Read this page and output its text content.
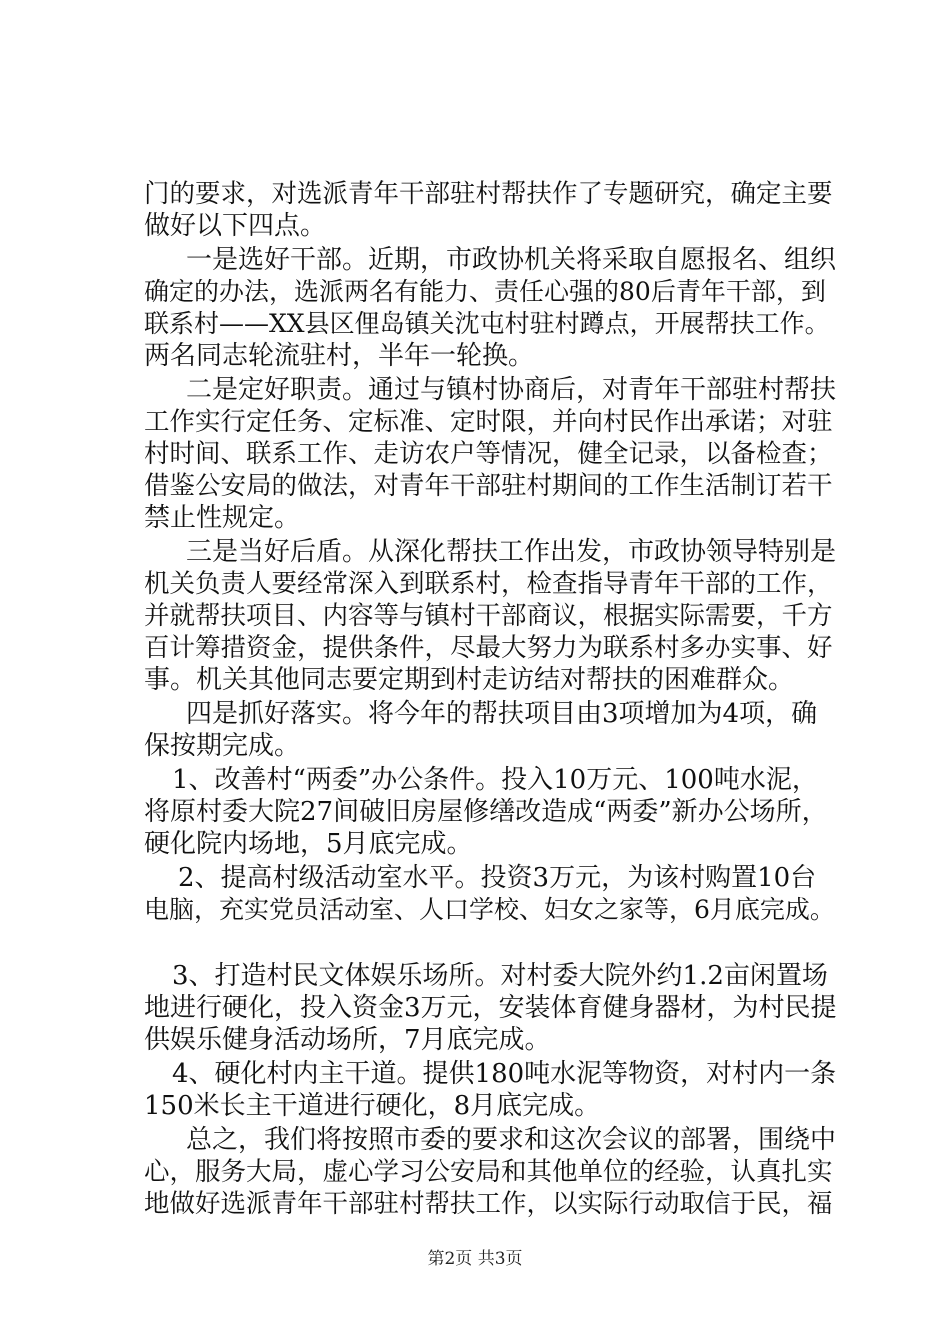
门的要求，对选派青年干部驻村帮扶作了专题研究，确定主要
做好以下四点。
一是选好干部。近期，市政协机关将采取自愿报名、组织
确定的办法，选派两名有能力、责任心强的80后青年干部，到
联系村——XX县区俚岛镇关沈屯村驻村蹲点，开展帮扶工作。
两名同志轮流驻村，半年一轮换。
二是定好职责。通过与镇村协商后，对青年干部驻村帮扶
工作实行定任务、定标准、定时限，并向村民作出承诺；对驻
村时间、联系工作、走访农户等情况，健全记录，以备检查；
借鉴公安局的做法，对青年干部驻村期间的工作生活制订若干
禁止性规定。
三是当好后盾。从深化帮扶工作出发，市政协领导特别是
机关负责人要经常深入到联系村，检查指导青年干部的工作，
并就帮扶项目、内容等与镇村干部商议，根据实际需要，千方
百计筹措资金，提供条件，尽最大努力为联系村多办实事、好
事。机关其他同志要定期到村走访结对帮扶的困难群众。
四是抓好落实。将今年的帮扶项目由3项增加为4项，确
保按期完成。
1、改善村“两委”办公条件。投入10万元、100吨水泥，
将原村委大院27间破旧房屋修缮改造成“两委”新办公场所，
硬化院内场地，5月底完成。
2、提高村级活动室水平。投资3万元，为该村购置10台
电脑，充实党员活动室、人口学校、妇女之家等，6月底完成。
3、打造村民文体娱乐场所。对村委大院外约1.2亩闲置场
地进行硬化，投入资金3万元，安装体育健身器材，为村民提
供娱乐健身活动场所，7月底完成。
4、硬化村内主干道。提供180吨水泥等物资，对村内一条
150米长主干道进行硬化，8月底完成。
总之，我们将按照市委的要求和这次会议的部署，围绕中
心，服务大局，虚心学习公安局和其他单位的经验，认真扎实
地做好选派青年干部驻村帮扶工作，以实际行动取信于民，福
第2页 共3页
